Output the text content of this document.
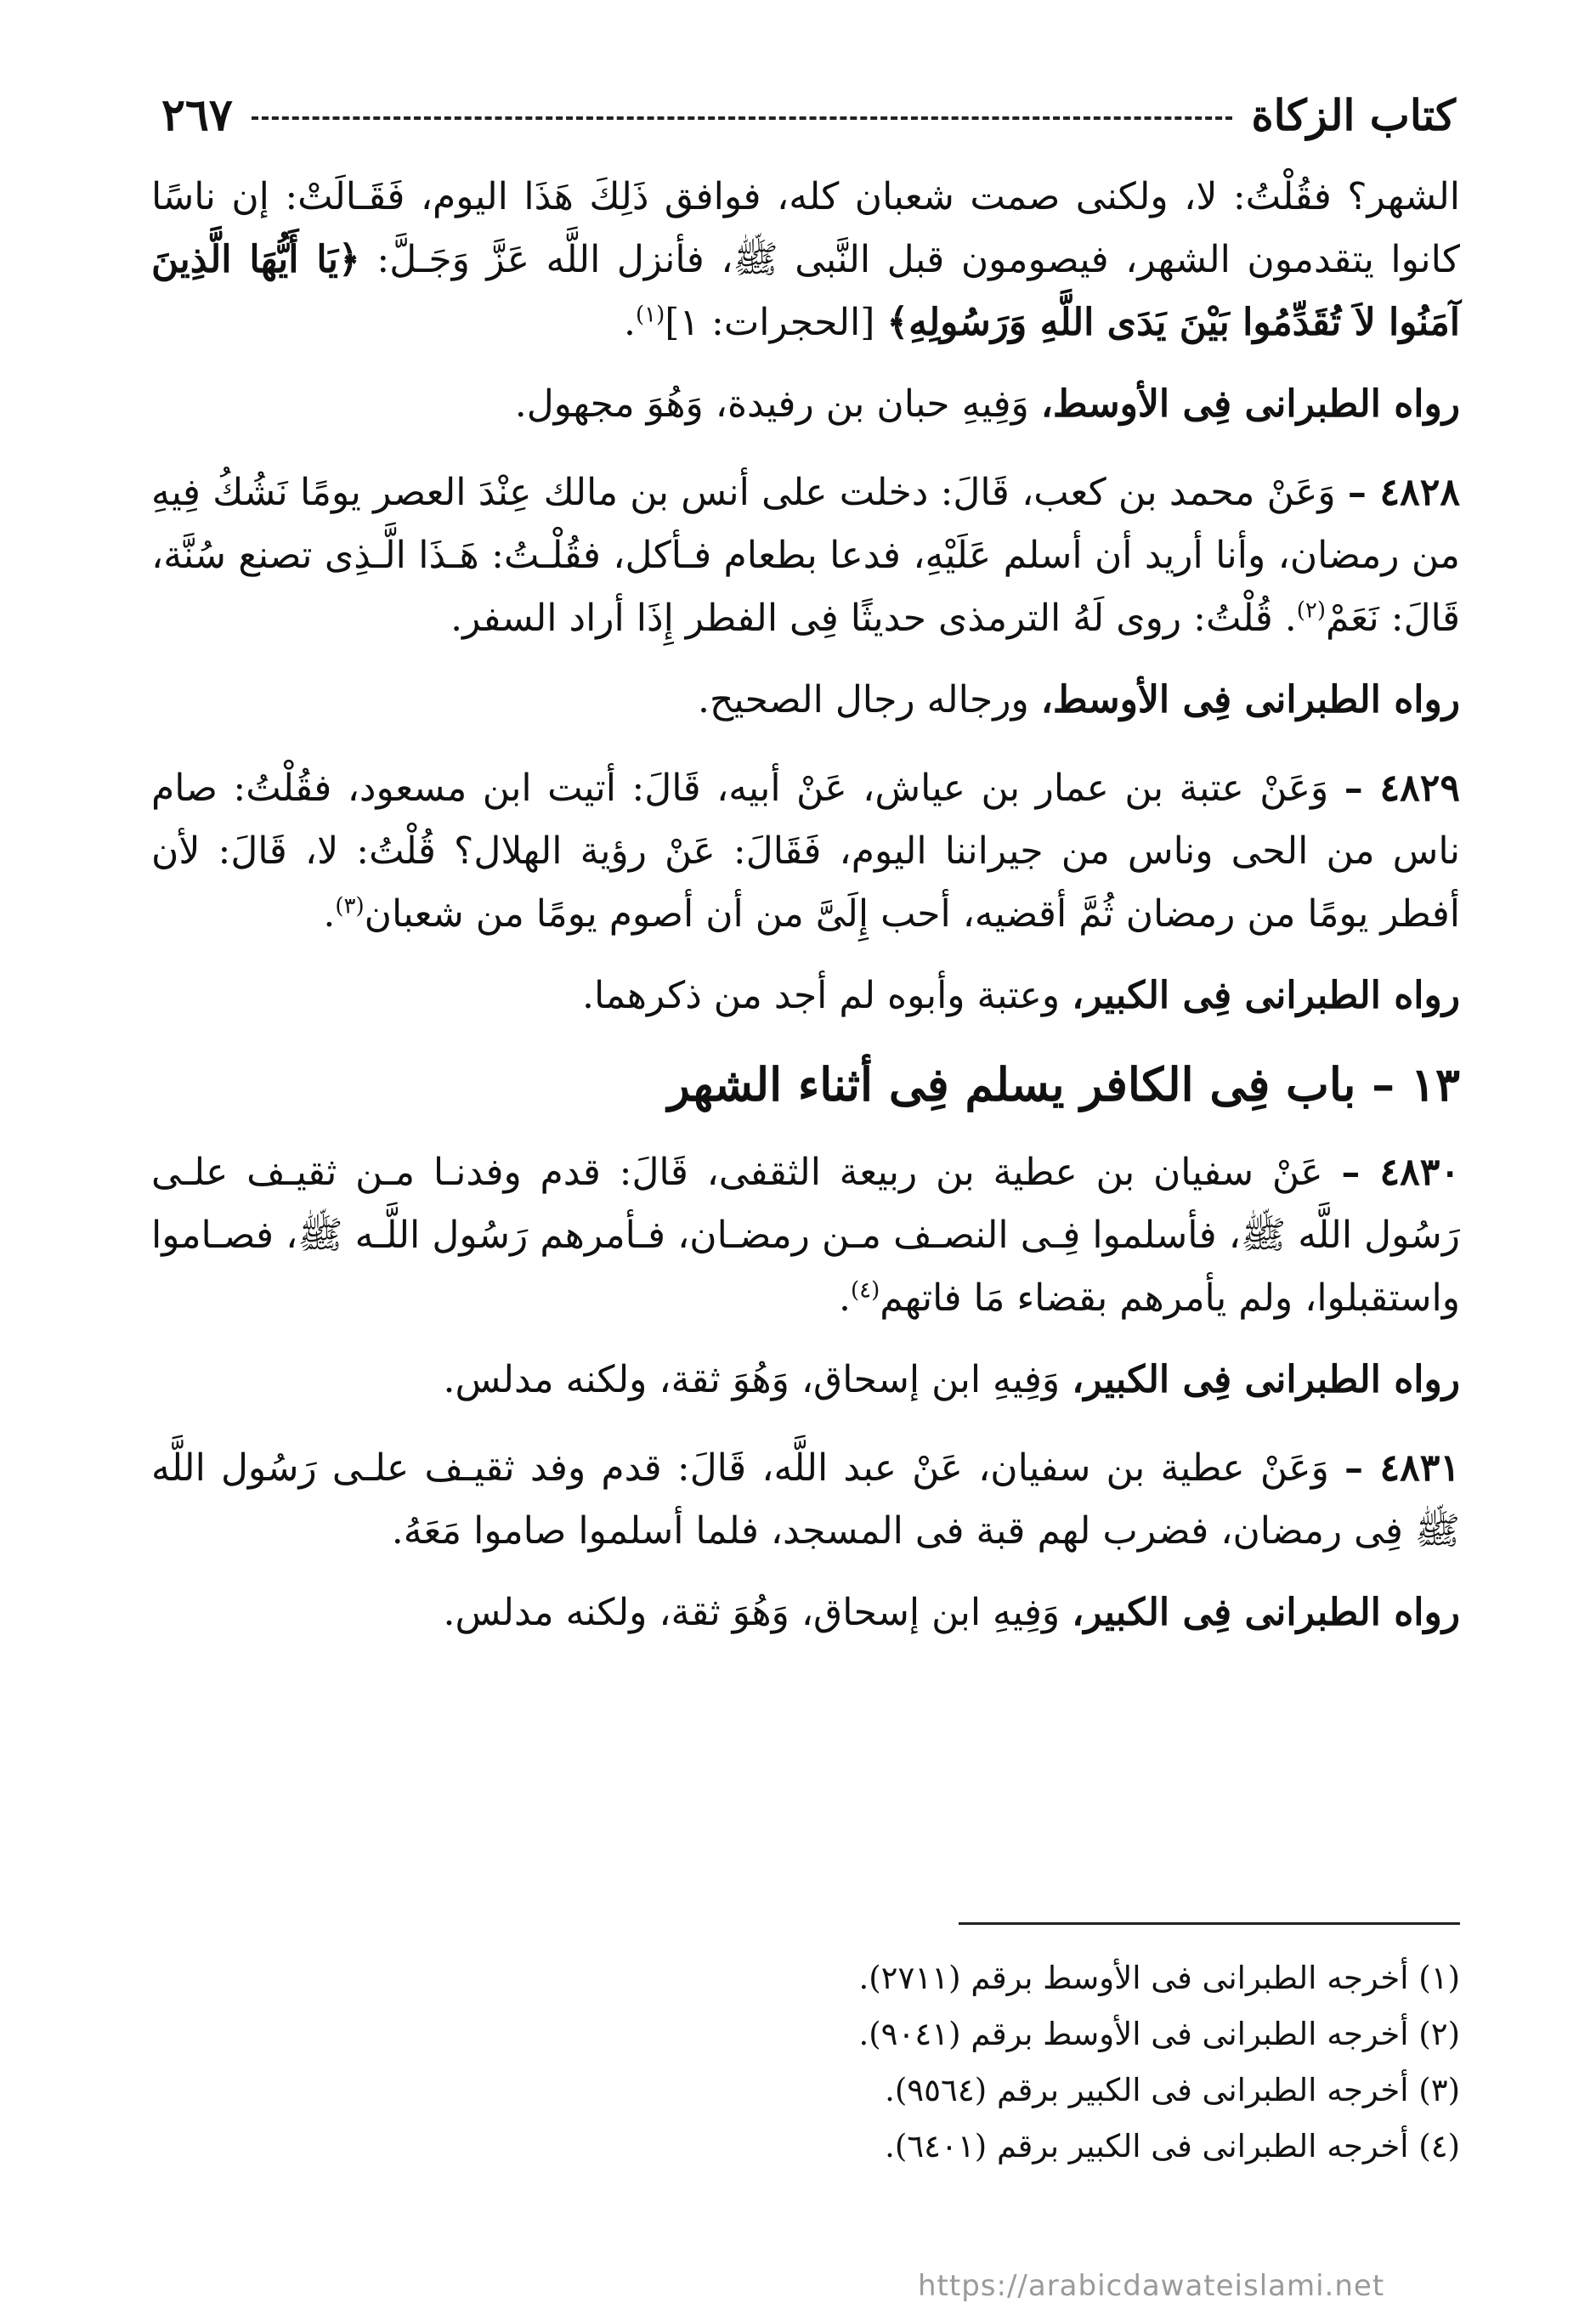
كتاب الزكاة
٢٦٧

الشهر؟ فقُلْتُ: لا، ولكنى صمت شعبان كله، فوافق ذَلِكَ هَذَا اليوم، فَقَـالَتْ: إن ناسًا كانوا يتقدمون الشهر، فيصومون قبل النَّبى ﷺ، فأنزل اللَّه عَزَّ وَجَـلَّ: ﴿يَا أَيُّهَا الَّذِينَ آمَنُوا لاَ تُقَدِّمُوا بَيْنَ يَدَى اللَّهِ وَرَسُولِهِ﴾ [الحجرات: ١]$^{(١)}$.

رواه الطبرانى فِى الأوسط، وَفِيهِ حبان بن رفيدة، وَهُوَ مجهول.

٤٨٢٨ – وَعَنْ محمد بن كعب، قَالَ: دخلت على أنس بن مالك عِنْدَ العصر يومًا نَشُكُ فِيهِ من رمضان، وأنا أريد أن أسلم عَلَيْهِ، فدعا بطعام فـأكل، فقُلْـتُ: هَـذَا الَّـذِى تصنع سُنَّة، قَالَ: نَعَمْ$^{(٢)}$. قُلْتُ: روى لَهُ الترمذى حديثًا فِى الفطر إِذَا أراد السفر.

رواه الطبرانى فِى الأوسط، ورجاله رجال الصحيح.

٤٨٢٩ – وَعَنْ عتبة بن عمار بن عياش، عَنْ أبيه، قَالَ: أتيت ابن مسعود، فقُلْتُ: صام ناس من الحى وناس من جيراننا اليوم، فَقَالَ: عَنْ رؤية الهلال؟ قُلْتُ: لا، قَالَ: لأن أفطر يومًا من رمضان ثُمَّ أقضيه، أحب إِلَىَّ من أن أصوم يومًا من شعبان$^{(٣)}$.

رواه الطبرانى فِى الكبير، وعتبة وأبوه لم أجد من ذكرهما.

١٣ – باب فِى الكافر يسلم فِى أثناء الشهر

٤٨٣٠ – عَنْ سفيان بن عطية بن ربيعة الثقفى، قَالَ: قدم وفدنـا مـن ثقيـف علـى رَسُول اللَّه ﷺ، فأسلموا فِـى النصـف مـن رمضـان، فـأمرهم رَسُول اللَّـه ﷺ، فصـاموا واستقبلوا، ولم يأمرهم بقضاء مَا فاتهم$^{(٤)}$.

رواه الطبرانى فِى الكبير، وَفِيهِ ابن إسحاق، وَهُوَ ثقة، ولكنه مدلس.

٤٨٣١ – وَعَنْ عطية بن سفيان، عَنْ عبد اللَّه، قَالَ: قدم وفد ثقيـف علـى رَسُول اللَّه ﷺ فِى رمضان، فضرب لهم قبة فى المسجد، فلما أسلموا صاموا مَعَهُ.

رواه الطبرانى فِى الكبير، وَفِيهِ ابن إسحاق، وَهُوَ ثقة، ولكنه مدلس.

(١) أخرجه الطبرانى فى الأوسط برقم (٢٧١١).

(٢) أخرجه الطبرانى فى الأوسط برقم (٩٠٤١).

(٣) أخرجه الطبرانى فى الكبير برقم (٩٥٦٤).

(٤) أخرجه الطبرانى فى الكبير برقم (٦٤٠١).

https://arabicdawateislami.net
